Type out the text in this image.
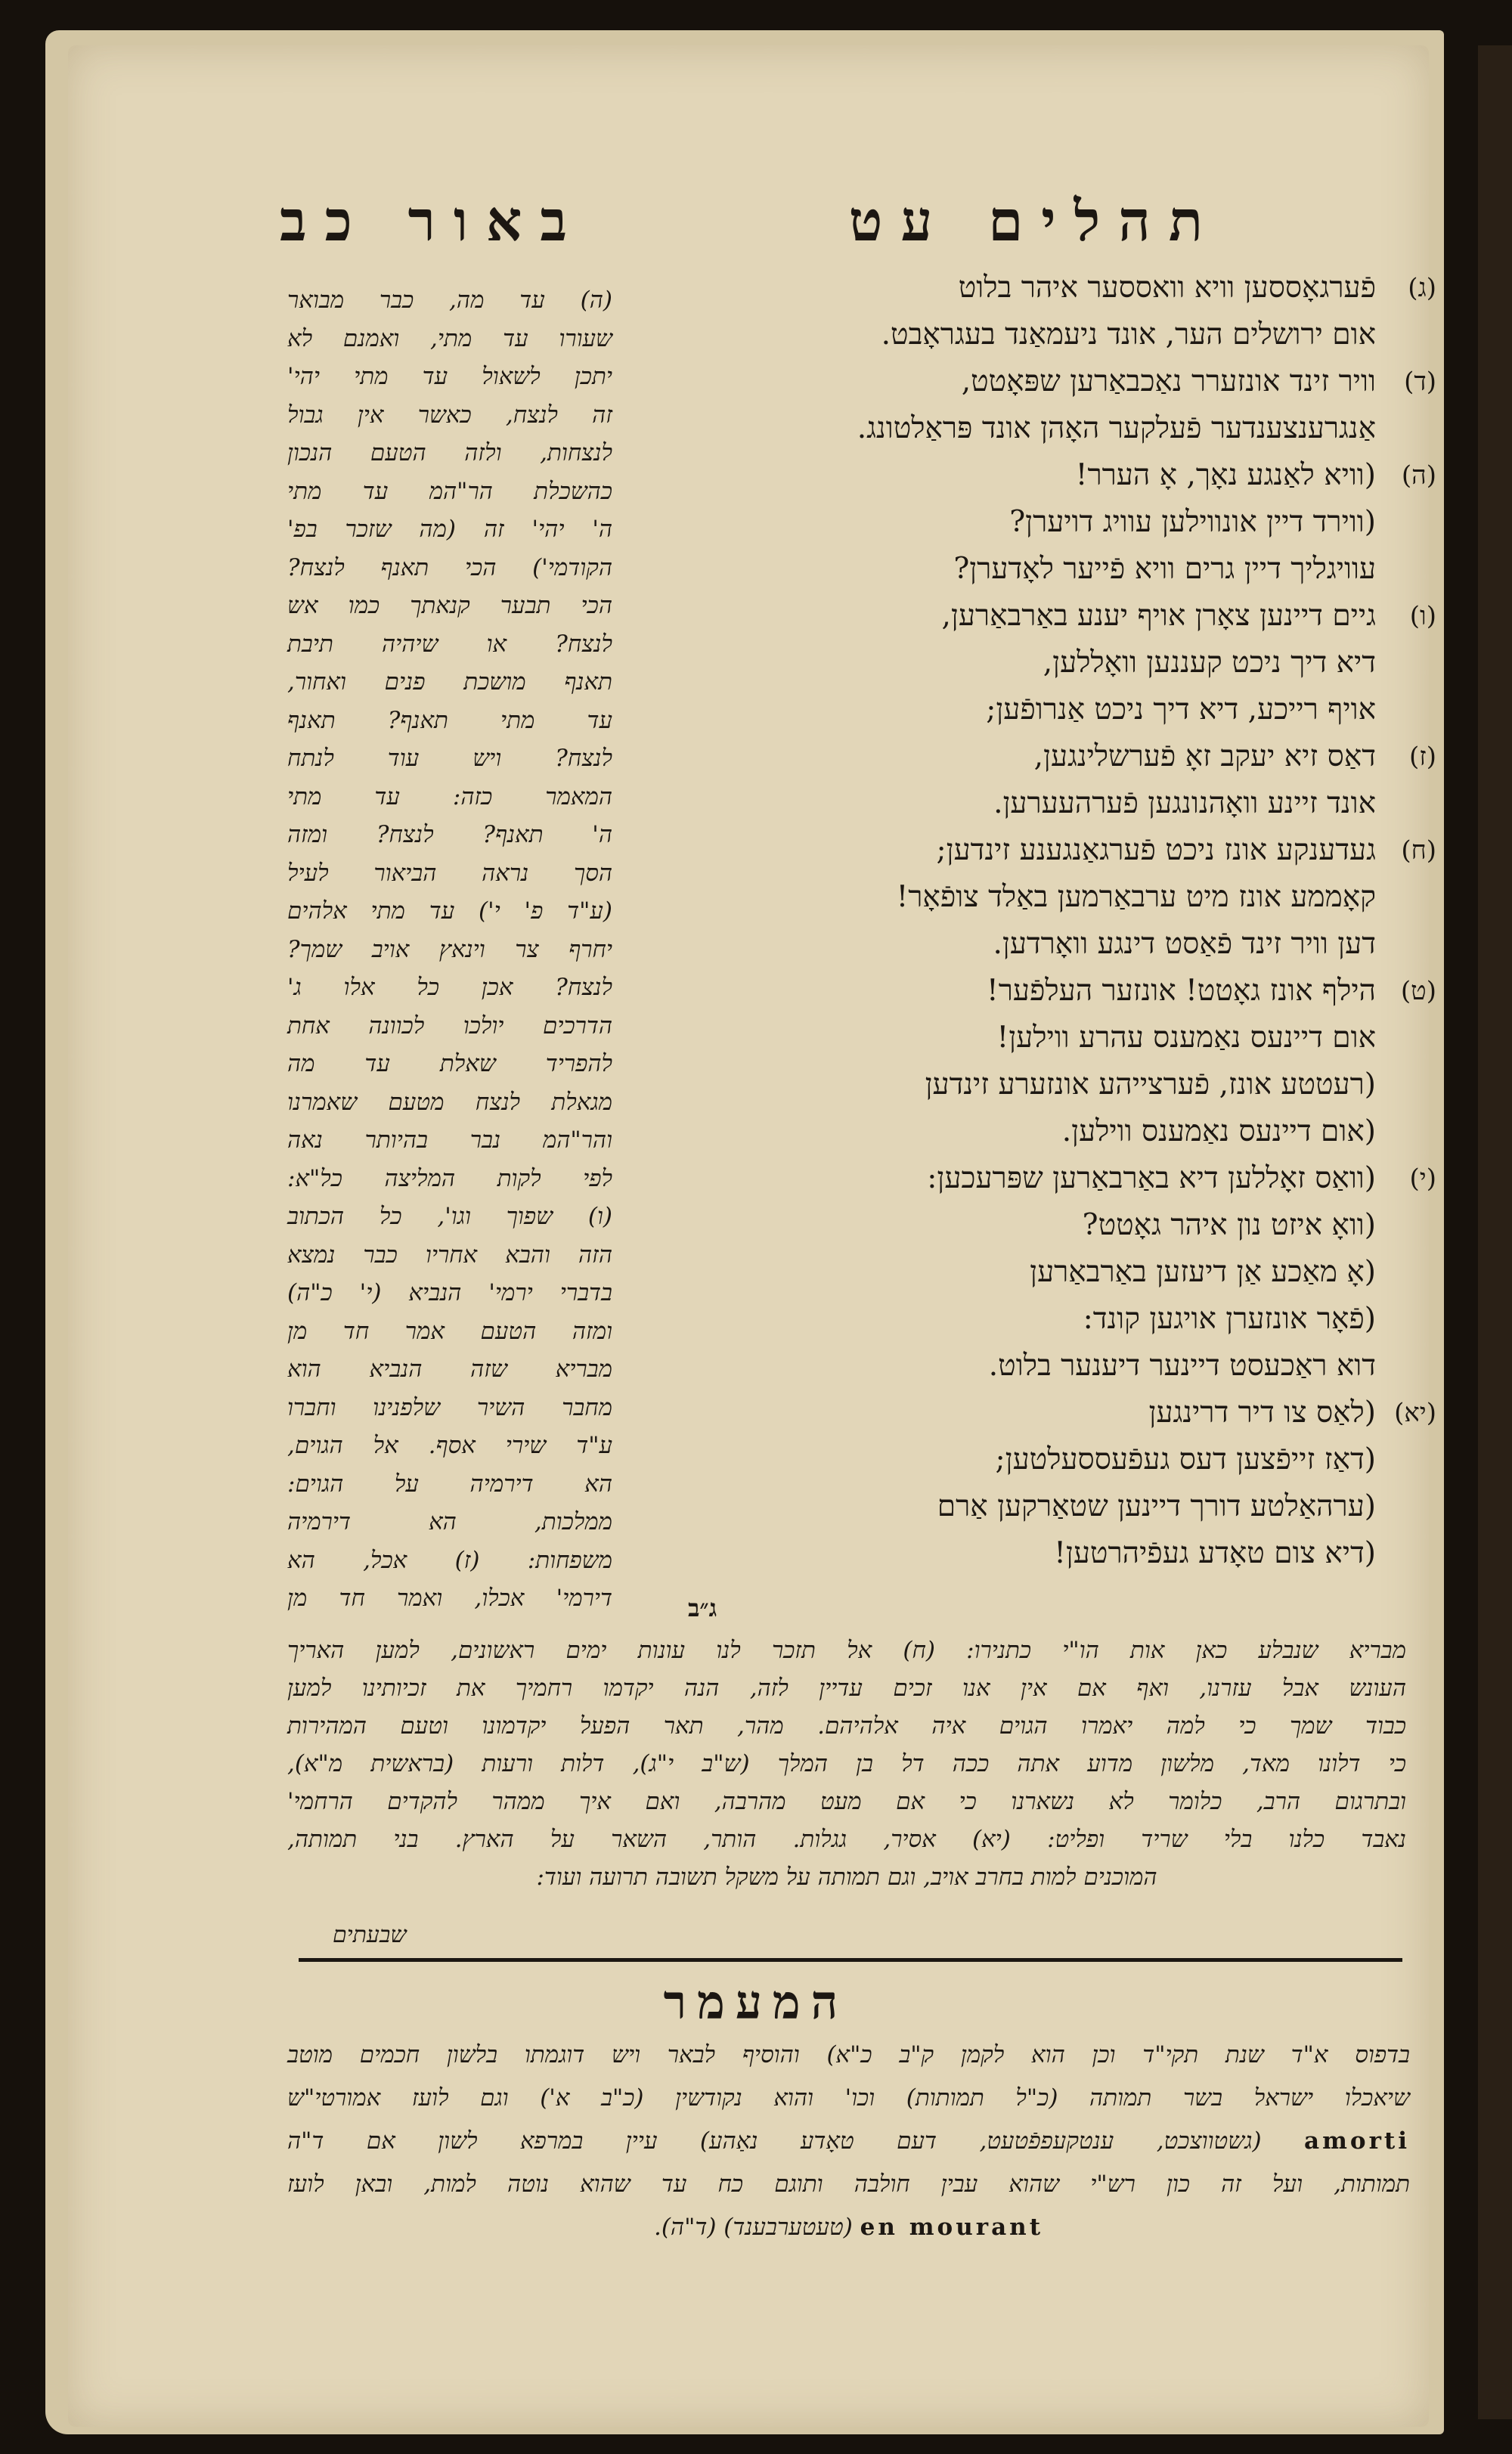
תהלים עט
באור כב
(ג)
פֿערגאָססען וויא וואססער איהר בלוט
אום ירושלים הער, אונד ניעמאַנד בעגראָבט.
(ד)
וויר זינד אונזערר נאַכבאַרען שפּאָטט,
אַנגרענצענדער פֿעלקער האָהן אונד פּראַלטונג.
(ה)
(וויא לאַנגע נאָך, אָ הערר!
(ווירד דיין אונווילען עוויג דויערן?
עוויגליך דיין גרים וויא פֿייער לאָדערן?
(ו)
גיים דיינען צאָרן אויף יענע באַרבאַרען,
דיא דיך ניכט קעננען וואָללען,
אויף רייכע, דיא דיך ניכט אַנרופֿען;
(ז)
דאַס זיא יעקב זאָ פֿערשלינגען,
אונד זיינע וואָהנונגען פֿערהעערען.
(ח)
געדענקע אונז ניכט פֿערגאַנגענע זינדען;
קאָממע אונז מיט ערבאַרמען באַלד צופֿאָר!
דען וויר זינד פֿאַסט דינגע וואָרדען.
(ט)
הילף אונז גאָטט! אונזער העלפֿער!
אום דיינעס נאַמענס עהרע ווילען!
(רעטטע אונז, פֿערצייהע אונזערע זינדען
(אום דיינעס נאַמענס ווילען.
(י)
(וואַס זאָללען דיא באַרבאַרען שפּרעכען:
(וואָ איזט נון איהר גאָטט?
(אָ מאַכע אַן דיעזען באַרבאַרען
(פֿאָר אונזערן אויגען קונד:
דוא ראַכעסט דיינער דיענער בלוט.
(יא)
(לאַס צו דיר דרינגען
(דאַז זייפֿצען דעס געפֿעססעלטען;
(ערהאַלטע דורך דיינען שטאַרקען אַרם
(דיא צום טאָדע געפֿיהרטען!
(ה) עד מה, כבר מבואר
שעורו עד מתי, ואמנם לא
יתכן לשאול עד מתי יהי'
זה לנצח, כאשר אין גבול
לנצחות, ולזה הטעם הנכון
כהשכלת הר"המ עד מתי
ה' יהי' זה (מה שזכר בפ'
הקודמי') הכי תאנף לנצח?
הכי תבער קנאתך כמו אש
לנצח? או שיהיה תיבת
תאנף מושכת פנים ואחור,
עד מתי תאנף? תאנף
לנצח? ויש עוד לנתח
המאמר כזה: עד מתי
ה' תאנף? לנצח? ומזה
הסך נראה הביאור לעיל
(ע"ד פ' י') עד מתי אלהים
יחרף צר וינאץ אויב שמך?
לנצח? אכן כל אלו ג'
הדרכים יולכו לכוונה אחת
להפריד שאלת עד מה
מגאלת לנצח מטעם שאמרנו
והר"המ נבר בהיותר נאה
לפי לקות המליצה כל"א:
(ו) שפוך וגו', כל הכתוב
הזה והבא אחריו כבר נמצא
בדברי ירמי' הנביא (י' כ"ה)
ומזה הטעם אמר חד מן
מבריא שזה הנביא הוא
מחבר השיר שלפנינו וחברו
ע"ד שירי אסף. אל הגוים,
הא דירמיה על הגוים:
ממלכות, הא דירמיה
משפחות: (ז) אכל, הא
דירמי' אכלו, ואמר חד מן	ג״ב
מבריא שנבלע כאן אות הו"י כתנירו: (ח) אל תזכר לנו עונות ימים ראשונים, למען האריך
העונש אבל עזרנו, ואף אם אין אנו זכים עדיין לזה, הנה יקדמו רחמיך את זכיותינו למען
כבוד שמך כי למה יאמרו הגוים איה אלהיהם. מהר, תאר הפעל יקדמונו וטעם המהירות
כי דלונו מאד, מלשון מדוע אתה ככה דל בן המלך (ש"ב י"ג), דלות ורעות (בראשית מ"א),
ובתרגום הרב, כלומר לא נשארנו כי אם מעט מהרבה, ואם איך ממהר להקדים הרחמי'
נאבד כלנו בלי שריד ופליט: (יא) אסיר, גגלות. הותר, השאר על הארץ. בני תמותה,
המוכנים למות בחרב אויב, וגם תמותה על משקל תשובה תרועה ועוד:
שבעתים
המעמר
בדפוס א"ד שנת תקי"ד וכן הוא לקמן ק"ב כ"א) והוסיף לבאר ויש דוגמתו בלשון חכמים מוטב
שיאכלו ישראל בשר תמותה (כ"ל תמותות) וכו' והוא נקודשין (כ"ב א') וגם לועז אמורטי"ש
amorti (גשטווצכט, ענטקעפפֿטעט, דעם טאָדע נאַהע) עיין במרפא לשון אם ד"ה
תמותות, ועל זה כון רש"י שהוא עבין חולבה ותוגם כח עד שהוא נוטה למות, ובאן לועז
en mourant (טעטערבענד) (ד"ה).
